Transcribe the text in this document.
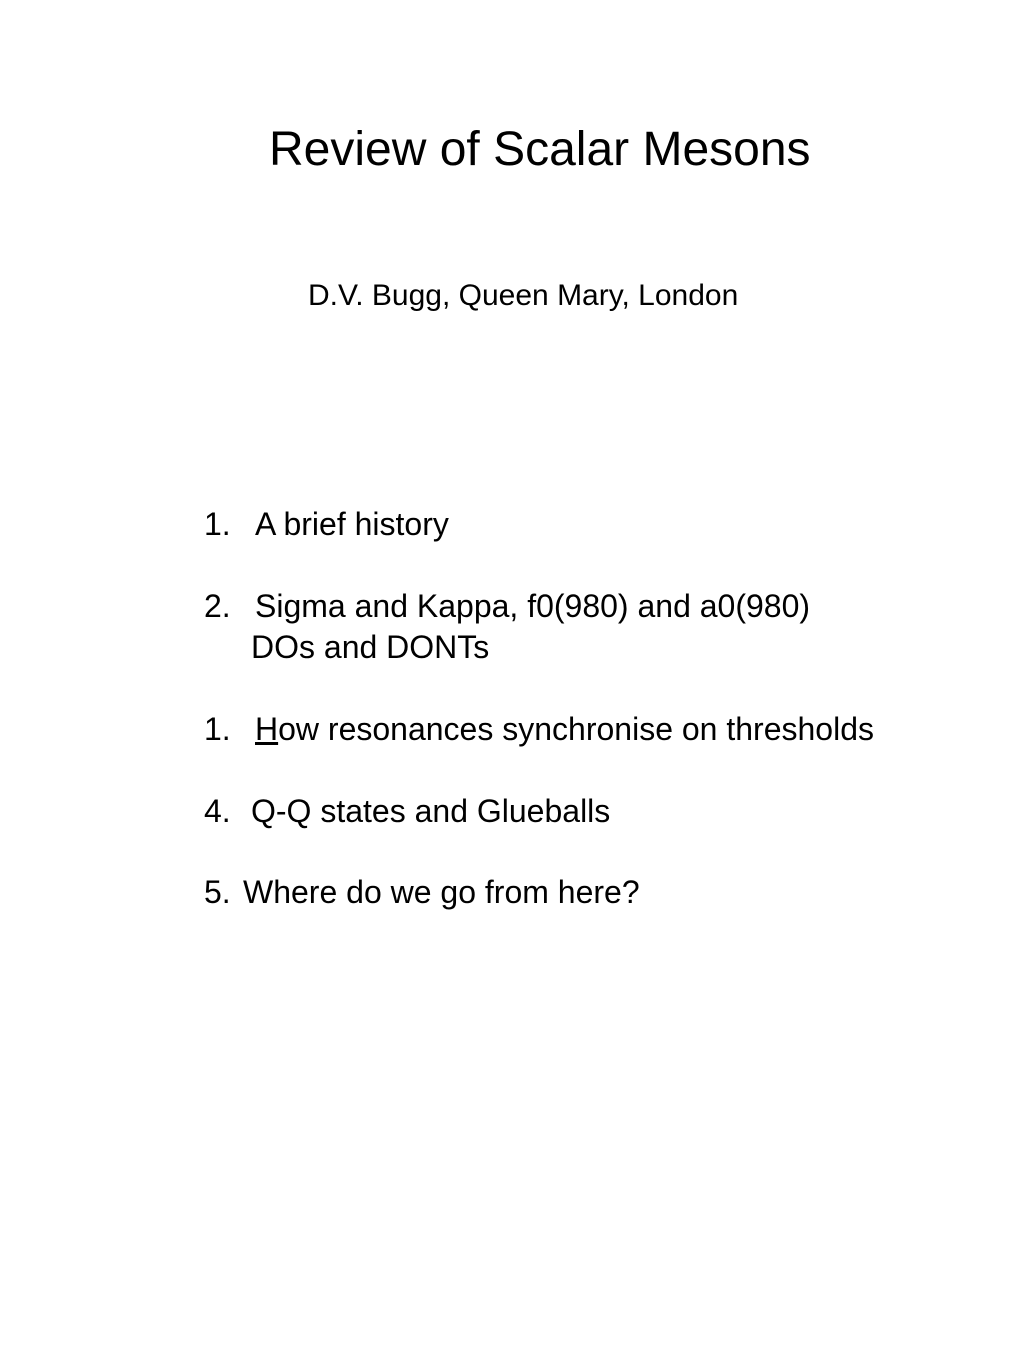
Review of Scalar Mesons
D.V. Bugg, Queen Mary, London
1. A brief history
2. Sigma and Kappa, f0(980) and a0(980)
DOs and DONTs
1. How resonances synchronise on thresholds
4. Q-Q states and Glueballs
5. Where do we go from here?
